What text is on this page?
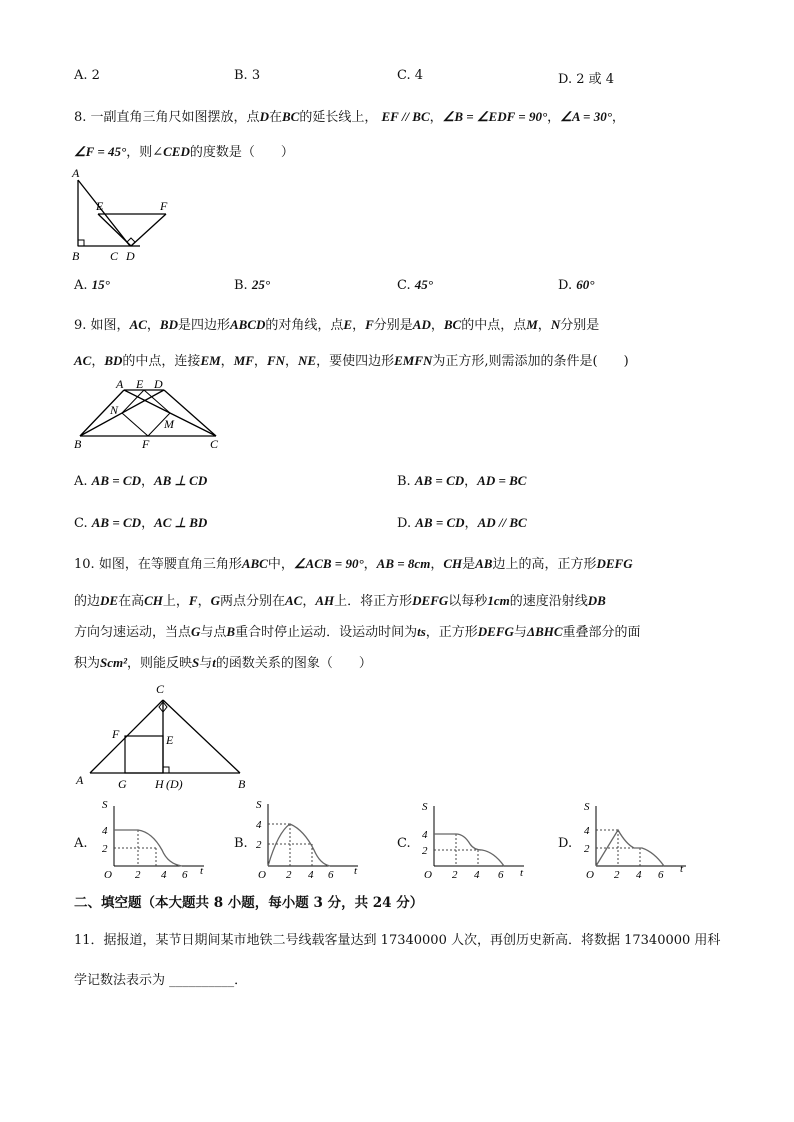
A. 2	B. 3	C. 4	D. 2 或 4
8. 一副直角三角尺如图摆放，点D在BC的延长线上， EF // BC，∠B = ∠EDF = 90°，∠A = 30°，
∠F = 45°，则∠CED的度数是（　　）
A
B	C D
E	F
A. 15°	B. 25°	C. 45°	D. 60°
9. 如图，AC，BD是四边形ABCD的对角线，点E，F分别是AD，BC的中点，点M，N分别是
AC，BD的中点，连接EM，MF，FN，NE，要使四边形EMFN为正方形,则需添加的条件是(　　)
A E D
N
M
B	F	C
A. AB = CD，AB ⊥ CD	B. AB = CD，AD = BC
C. AB = CD，AC ⊥ BD	D. AB = CD，AD // BC
10. 如图，在等腰直角三角形ABC中，∠ACB = 90°，AB = 8cm，CH是AB边上的高，正方形DEFG
的边DE在高CH上，F，G两点分别在AC，AH上．将正方形DEFG以每秒1cm的速度沿射线DB
方向匀速运动，当点G与点B重合时停止运动．设运动时间为ts，正方形DEFG与ΔBHC重叠部分的面
积为Scm²，则能反映S与t的函数关系的图象（　　）
C
F	E
A	G H (D)	B
A.
S
4
2
O 2 4 6 t
B.
S
4
2
O 2 4 6 t
C.
S
4
2
O 2 4 6 t
D.
S
4
2
O 2 4 6 t
二、填空题（本大题共 8 小题，每小题 3 分，共 24 分）
11．据报道，某节日期间某市地铁二号线载客量达到 17340000 人次，再创历史新高．将数据 17340000 用科
学记数法表示为 __________．
